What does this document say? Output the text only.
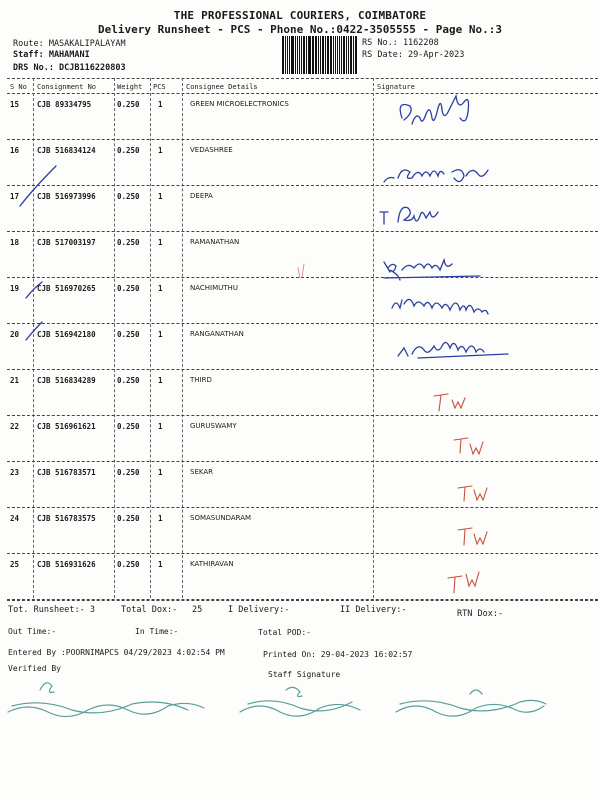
THE PROFESSIONAL COURIERS, COIMBATORE
Delivery Runsheet - PCS - Phone No.:0422-3505555 - Page No.:3
Route: MASAKALIPALAYAM
Staff: MAHAMANI
DRS No.: DCJB116220803
RS No.: 1162208
RS Date: 29-Apr-2023
S No Consignment No	Weight PCS	Consignee Details	Signature
15 CJB 89334795	0.250 1	GREEN MICROELECTRONICS
16 CJB 516834124	0.250 1	VEDASHREE
17 CJB 516973996	0.250 1	DEEPA
18 CJB 517003197	0.250 1	RAMANATHAN
19 CJB 516970265	0.250 1	NACHIMUTHU
20 CJB 516942180	0.250 1	RANGANATHAN
21 CJB 516834289	0.250 1	THIRD
22 CJB 516961621	0.250 1	GURUSWAMY
23 CJB 516783571	0.250 1	SEKAR
24 CJB 516783575	0.250 1	SOMASUNDARAM
25 CJB 516931626	0.250 1	KATHIRAVAN
Tot. Runsheet:- 3	Total Dox:- 25	I Delivery:-	II Delivery:-	RTN Dox:-
Out Time:-	In Time:-	Total POD:-
Entered By :POORNIMAPCS 04/29/2023 4:02:54 PM	Printed On: 29-04-2023 16:02:57
Verified By
Staff Signature
